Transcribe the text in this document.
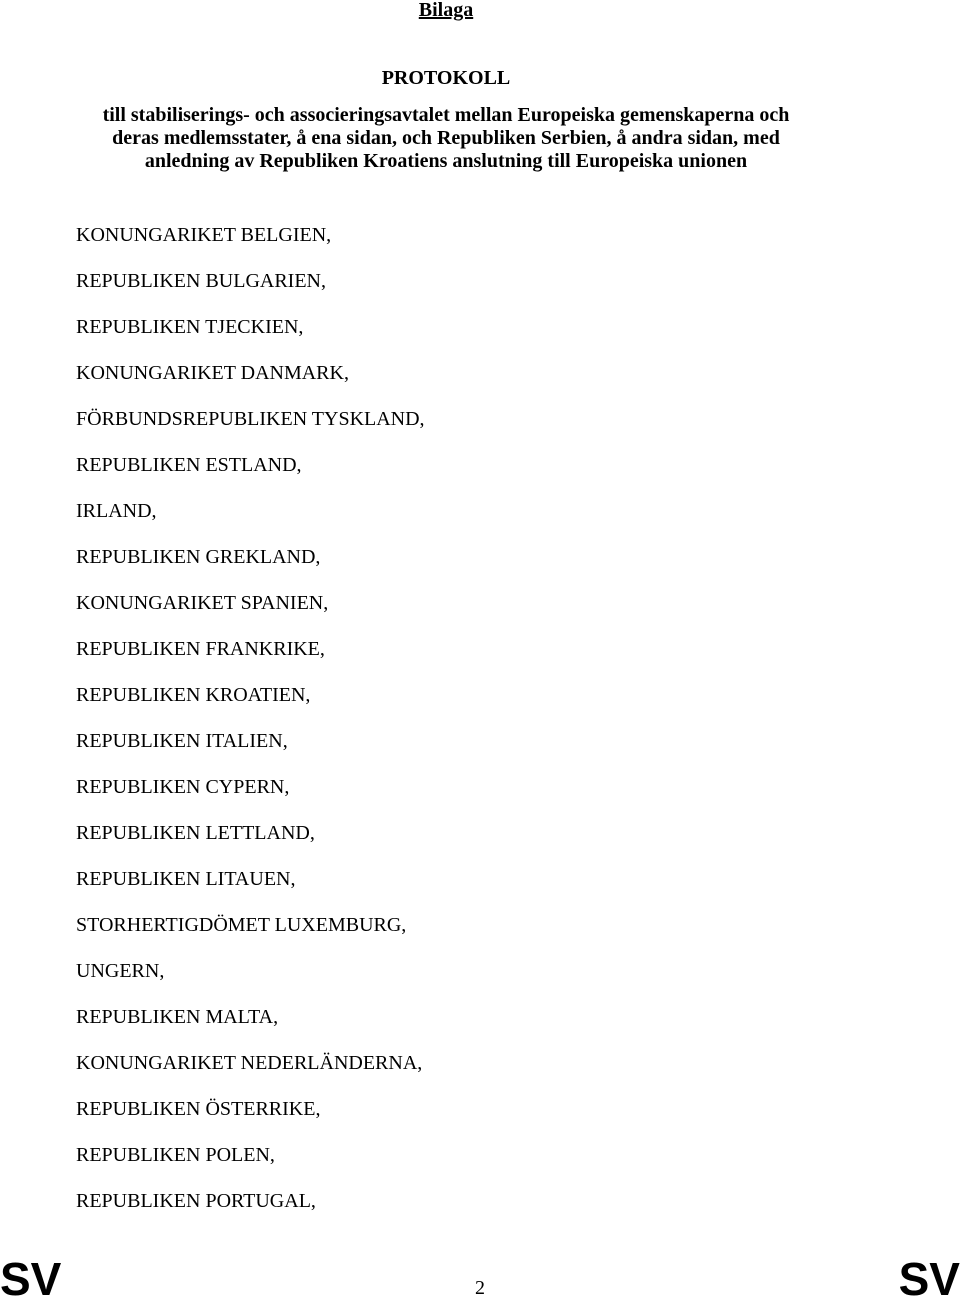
Bilaga
PROTOKOLL
till stabiliserings- och associeringsavtalet mellan Europeiska gemenskaperna och
deras medlemsstater, å ena sidan, och Republiken Serbien, å andra sidan, med
anledning av Republiken Kroatiens anslutning till Europeiska unionen
KONUNGARIKET BELGIEN,
REPUBLIKEN BULGARIEN,
REPUBLIKEN TJECKIEN,
KONUNGARIKET DANMARK,
FÖRBUNDSREPUBLIKEN TYSKLAND,
REPUBLIKEN ESTLAND,
IRLAND,
REPUBLIKEN GREKLAND,
KONUNGARIKET SPANIEN,
REPUBLIKEN FRANKRIKE,
REPUBLIKEN KROATIEN,
REPUBLIKEN ITALIEN,
REPUBLIKEN CYPERN,
REPUBLIKEN LETTLAND,
REPUBLIKEN LITAUEN,
STORHERTIGDÖMET LUXEMBURG,
UNGERN,
REPUBLIKEN MALTA,
KONUNGARIKET NEDERLÄNDERNA,
REPUBLIKEN ÖSTERRIKE,
REPUBLIKEN POLEN,
REPUBLIKEN PORTUGAL,
SV	2	SV
